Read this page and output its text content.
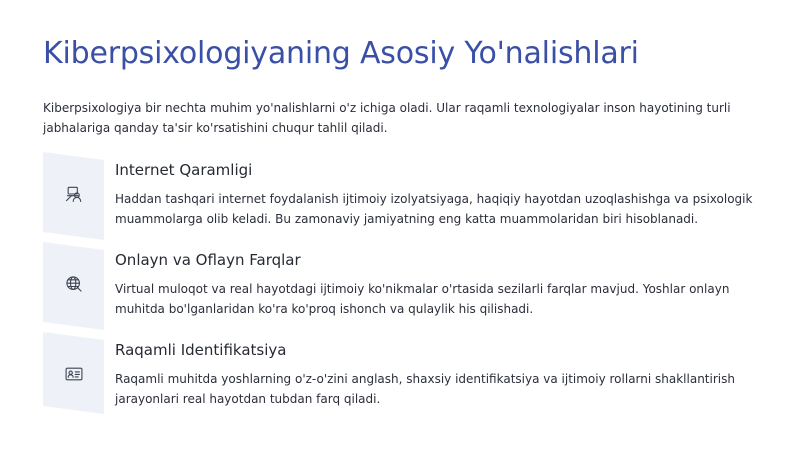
Kiberpsixologiyaning Asosiy Yo'nalishlari

Kiberpsixologiya bir nechta muhim yo'nalishlarni o'z ichiga oladi. Ular raqamli texnologiyalar inson hayotining turli jabhalariga qanday ta'sir ko'rsatishini chuqur tahlil qiladi.

Internet Qaramligi

Haddan tashqari internet foydalanish ijtimoiy izolyatsiyaga, haqiqiy hayotdan uzoqlashishga va psixologik muammolarga olib keladi. Bu zamonaviy jamiyatning eng katta muammolaridan biri hisoblanadi.

Onlayn va Oflayn Farqlar

Virtual muloqot va real hayotdagi ijtimoiy ko'nikmalar o'rtasida sezilarli farqlar mavjud. Yoshlar onlayn muhitda bo'lganlaridan ko'ra ko'proq ishonch va qulaylik his qilishadi.

Raqamli Identifikatsiya

Raqamli muhitda yoshlarning o'z-o'zini anglash, shaxsiy identifikatsiya va ijtimoiy rollarni shakllantirish jarayonlari real hayotdan tubdan farq qiladi.
